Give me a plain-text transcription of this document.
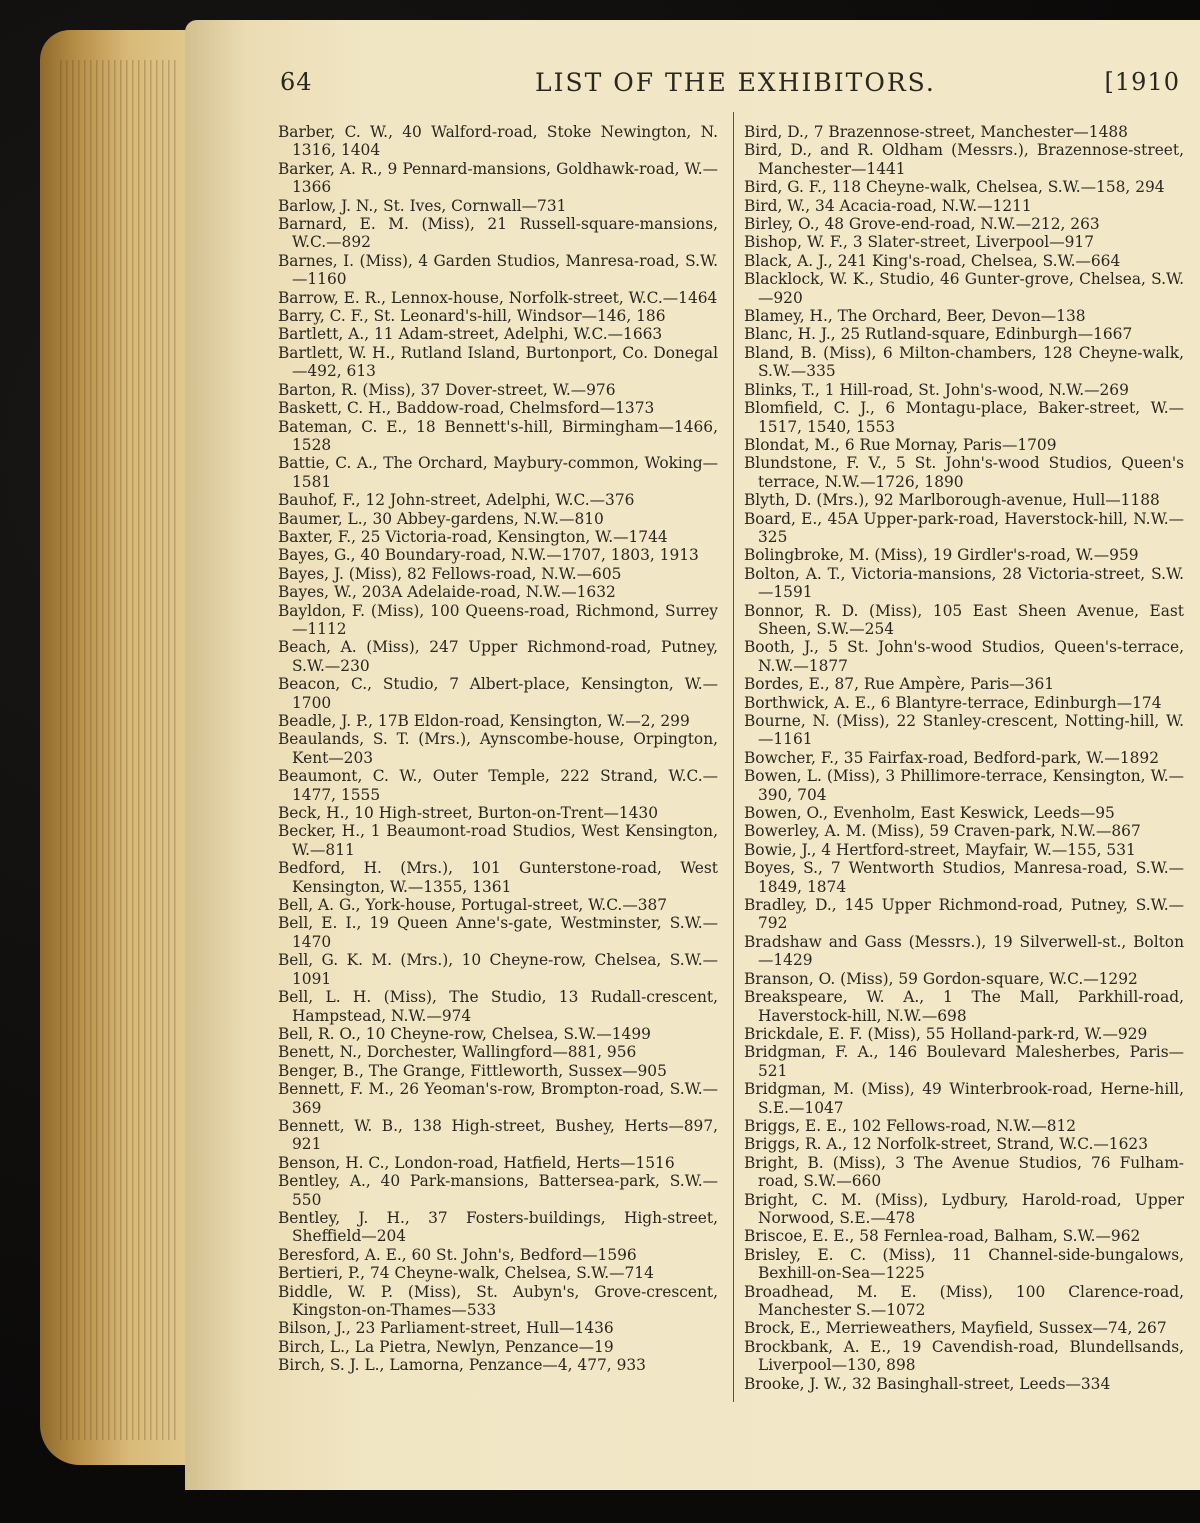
64	LIST OF THE EXHIBITORS.	[1910
Barber, C. W., 40 Walford-road, Stoke Newington, N. 1316, 1404
Barker, A. R., 9 Pennard-mansions, Goldhawk-road, W.—1366
Barlow, J. N., St. Ives, Cornwall—731
Barnard, E. M. (Miss), 21 Russell-square-mansions, W.C.—892
Barnes, I. (Miss), 4 Garden Studios, Manresa-road, S.W.—1160
Barrow, E. R., Lennox-house, Norfolk-street, W.C.—1464
Barry, C. F., St. Leonard's-hill, Windsor—146, 186
Bartlett, A., 11 Adam-street, Adelphi, W.C.—1663
Bartlett, W. H., Rutland Island, Burtonport, Co. Donegal—492, 613
Barton, R. (Miss), 37 Dover-street, W.—976
Baskett, C. H., Baddow-road, Chelmsford—1373
Bateman, C. E., 18 Bennett's-hill, Birmingham—1466, 1528
Battie, C. A., The Orchard, Maybury-common, Woking—1581
Bauhof, F., 12 John-street, Adelphi, W.C.—376
Baumer, L., 30 Abbey-gardens, N.W.—810
Baxter, F., 25 Victoria-road, Kensington, W.—1744
Bayes, G., 40 Boundary-road, N.W.—1707, 1803, 1913
Bayes, J. (Miss), 82 Fellows-road, N.W.—605
Bayes, W., 203A Adelaide-road, N.W.—1632
Bayldon, F. (Miss), 100 Queens-road, Richmond, Surrey—1112
Beach, A. (Miss), 247 Upper Richmond-road, Putney, S.W.—230
Beacon, C., Studio, 7 Albert-place, Kensington, W.—1700
Beadle, J. P., 17B Eldon-road, Kensington, W.—2, 299
Beaulands, S. T. (Mrs.), Aynscombe-house, Orpington, Kent—203
Beaumont, C. W., Outer Temple, 222 Strand, W.C.—1477, 1555
Beck, H., 10 High-street, Burton-on-Trent—1430
Becker, H., 1 Beaumont-road Studios, West Kensington, W.—811
Bedford, H. (Mrs.), 101 Gunterstone-road, West Kensington, W.—1355, 1361
Bell, A. G., York-house, Portugal-street, W.C.—387
Bell, E. I., 19 Queen Anne's-gate, Westminster, S.W.—1470
Bell, G. K. M. (Mrs.), 10 Cheyne-row, Chelsea, S.W.—1091
Bell, L. H. (Miss), The Studio, 13 Rudall-crescent, Hampstead, N.W.—974
Bell, R. O., 10 Cheyne-row, Chelsea, S.W.—1499
Benett, N., Dorchester, Wallingford—881, 956
Benger, B., The Grange, Fittleworth, Sussex—905
Bennett, F. M., 26 Yeoman's-row, Brompton-road, S.W.—369
Bennett, W. B., 138 High-street, Bushey, Herts—897, 921
Benson, H. C., London-road, Hatfield, Herts—1516
Bentley, A., 40 Park-mansions, Battersea-park, S.W.—550
Bentley, J. H., 37 Fosters-buildings, High-street, Sheffield—204
Beresford, A. E., 60 St. John's, Bedford—1596
Bertieri, P., 74 Cheyne-walk, Chelsea, S.W.—714
Biddle, W. P. (Miss), St. Aubyn's, Grove-crescent, Kingston-on-Thames—533
Bilson, J., 23 Parliament-street, Hull—1436
Birch, L., La Pietra, Newlyn, Penzance—19
Birch, S. J. L., Lamorna, Penzance—4, 477, 933
Bird, D., 7 Brazennose-street, Manchester—1488
Bird, D., and R. Oldham (Messrs.), Brazennose-street, Manchester—1441
Bird, G. F., 118 Cheyne-walk, Chelsea, S.W.—158, 294
Bird, W., 34 Acacia-road, N.W.—1211
Birley, O., 48 Grove-end-road, N.W.—212, 263
Bishop, W. F., 3 Slater-street, Liverpool—917
Black, A. J., 241 King's-road, Chelsea, S.W.—664
Blacklock, W. K., Studio, 46 Gunter-grove, Chelsea, S.W.—920
Blamey, H., The Orchard, Beer, Devon—138
Blanc, H. J., 25 Rutland-square, Edinburgh—1667
Bland, B. (Miss), 6 Milton-chambers, 128 Cheyne-walk, S.W.—335
Blinks, T., 1 Hill-road, St. John's-wood, N.W.—269
Blomfield, C. J., 6 Montagu-place, Baker-street, W.—1517, 1540, 1553
Blondat, M., 6 Rue Mornay, Paris—1709
Blundstone, F. V., 5 St. John's-wood Studios, Queen's terrace, N.W.—1726, 1890
Blyth, D. (Mrs.), 92 Marlborough-avenue, Hull—1188
Board, E., 45A Upper-park-road, Haverstock-hill, N.W.—325
Bolingbroke, M. (Miss), 19 Girdler's-road, W.—959
Bolton, A. T., Victoria-mansions, 28 Victoria-street, S.W.—1591
Bonnor, R. D. (Miss), 105 East Sheen Avenue, East Sheen, S.W.—254
Booth, J., 5 St. John's-wood Studios, Queen's-terrace, N.W.—1877
Bordes, E., 87, Rue Ampère, Paris—361
Borthwick, A. E., 6 Blantyre-terrace, Edinburgh—174
Bourne, N. (Miss), 22 Stanley-crescent, Notting-hill, W.—1161
Bowcher, F., 35 Fairfax-road, Bedford-park, W.—1892
Bowen, L. (Miss), 3 Phillimore-terrace, Kensington, W.—390, 704
Bowen, O., Evenholm, East Keswick, Leeds—95
Bowerley, A. M. (Miss), 59 Craven-park, N.W.—867
Bowie, J., 4 Hertford-street, Mayfair, W.—155, 531
Boyes, S., 7 Wentworth Studios, Manresa-road, S.W.—1849, 1874
Bradley, D., 145 Upper Richmond-road, Putney, S.W.—792
Bradshaw and Gass (Messrs.), 19 Silverwell-st., Bolton—1429
Branson, O. (Miss), 59 Gordon-square, W.C.—1292
Breakspeare, W. A., 1 The Mall, Parkhill-road, Haverstock-hill, N.W.—698
Brickdale, E. F. (Miss), 55 Holland-park-rd, W.—929
Bridgman, F. A., 146 Boulevard Malesherbes, Paris—521
Bridgman, M. (Miss), 49 Winterbrook-road, Herne-hill, S.E.—1047
Briggs, E. E., 102 Fellows-road, N.W.—812
Briggs, R. A., 12 Norfolk-street, Strand, W.C.—1623
Bright, B. (Miss), 3 The Avenue Studios, 76 Fulham-road, S.W.—660
Bright, C. M. (Miss), Lydbury, Harold-road, Upper Norwood, S.E.—478
Briscoe, E. E., 58 Fernlea-road, Balham, S.W.—962
Brisley, E. C. (Miss), 11 Channel-side-bungalows, Bexhill-on-Sea—1225
Broadhead, M. E. (Miss), 100 Clarence-road, Manchester S.—1072
Brock, E., Merrieweathers, Mayfield, Sussex—74, 267
Brockbank, A. E., 19 Cavendish-road, Blundellsands, Liverpool—130, 898
Brooke, J. W., 32 Basinghall-street, Leeds—334
